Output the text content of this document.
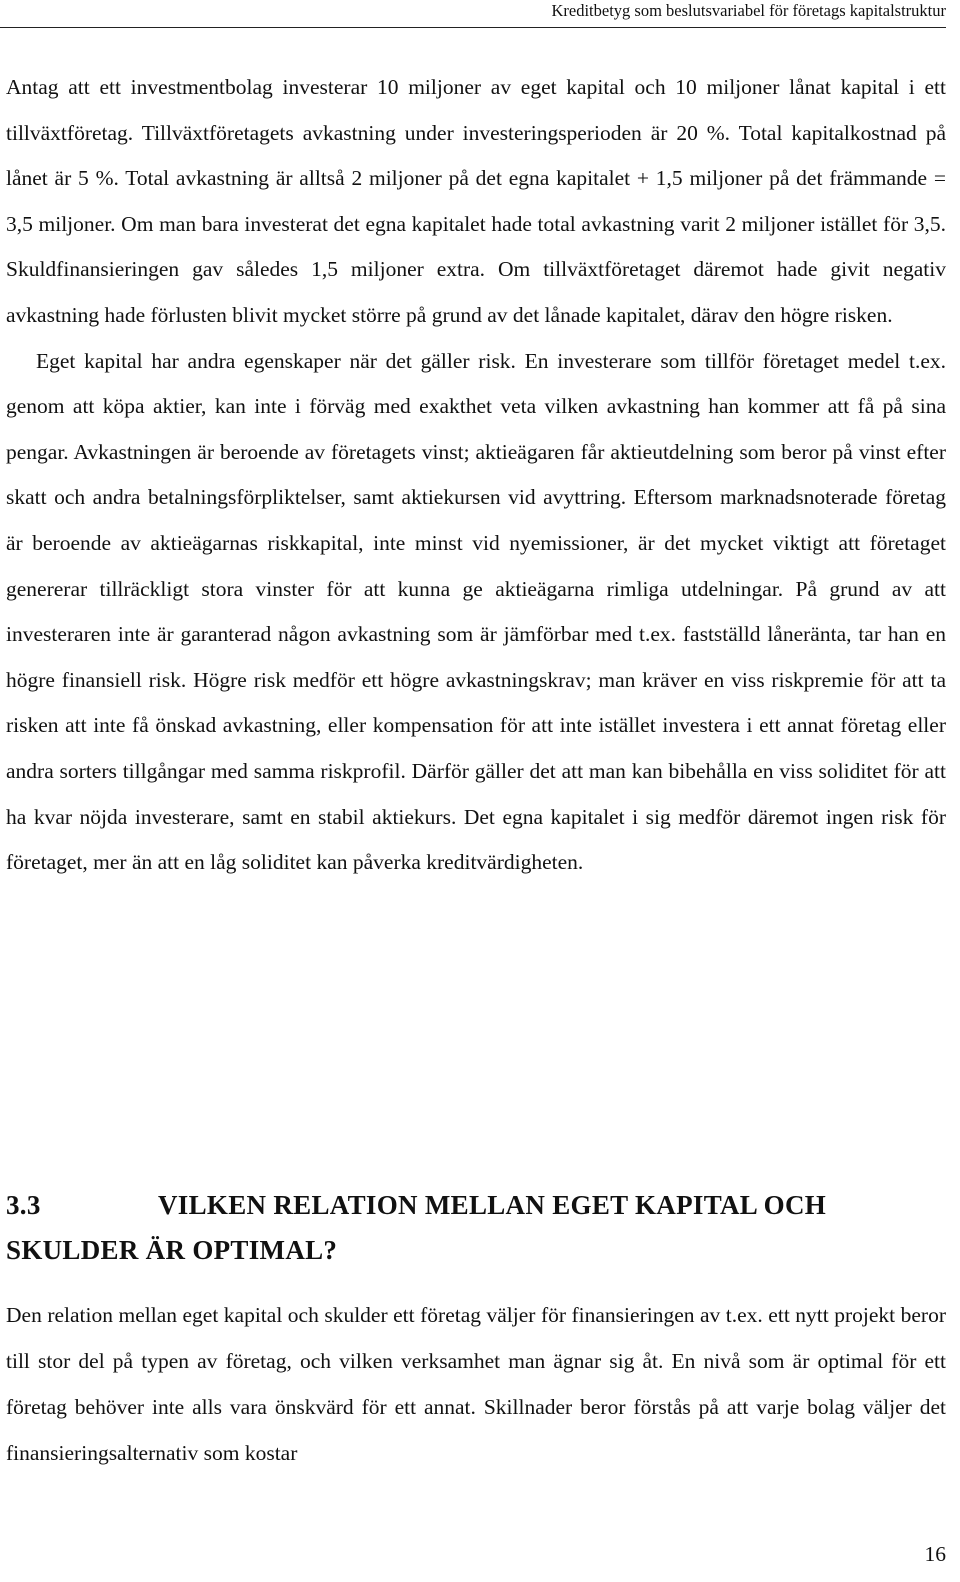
Kreditbetyg som beslutsvariabel för företags kapitalstruktur

Antag att ett investmentbolag investerar 10 miljoner av eget kapital och 10 miljoner lånat kapital i ett tillväxtföretag. Tillväxtföretagets avkastning under investeringsperioden är 20 %. Total kapitalkostnad på lånet är 5 %. Total avkastning är alltså 2 miljoner på det egna kapitalet + 1,5 miljoner på det främmande = 3,5 miljoner. Om man bara investerat det egna kapitalet hade total avkastning varit 2 miljoner istället för 3,5. Skuldfinansieringen gav således 1,5 miljoner extra. Om tillväxtföretaget däremot hade givit negativ avkastning hade förlusten blivit mycket större på grund av det lånade kapitalet, därav den högre risken.

Eget kapital har andra egenskaper när det gäller risk. En investerare som tillför företaget medel t.ex. genom att köpa aktier, kan inte i förväg med exakthet veta vilken avkastning han kommer att få på sina pengar. Avkastningen är beroende av företagets vinst; aktieägaren får aktieutdelning som beror på vinst efter skatt och andra betalningsförpliktelser, samt aktiekursen vid avyttring. Eftersom marknadsnoterade företag är beroende av aktieägarnas riskkapital, inte minst vid nyemissioner, är det mycket viktigt att företaget genererar tillräckligt stora vinster för att kunna ge aktieägarna rimliga utdelningar. På grund av att investeraren inte är garanterad någon avkastning som är jämförbar med t.ex. fastställd låneränta, tar han en högre finansiell risk. Högre risk medför ett högre avkastningskrav; man kräver en viss riskpremie för att ta risken att inte få önskad avkastning, eller kompensation för att inte istället investera i ett annat företag eller andra sorters tillgångar med samma riskprofil. Därför gäller det att man kan bibehålla en viss soliditet för att ha kvar nöjda investerare, samt en stabil aktiekurs. Det egna kapitalet i sig medför däremot ingen risk för företaget, mer än att en låg soliditet kan påverka kreditvärdigheten.

3.3	VILKEN RELATION MELLAN EGET KAPITAL OCH SKULDER ÄR OPTIMAL?

Den relation mellan eget kapital och skulder ett företag väljer för finansieringen av t.ex. ett nytt projekt beror till stor del på typen av företag, och vilken verksamhet man ägnar sig åt. En nivå som är optimal för ett företag behöver inte alls vara önskvärd för ett annat. Skillnader beror förstås på att varje bolag väljer det finansieringsalternativ som kostar

16
